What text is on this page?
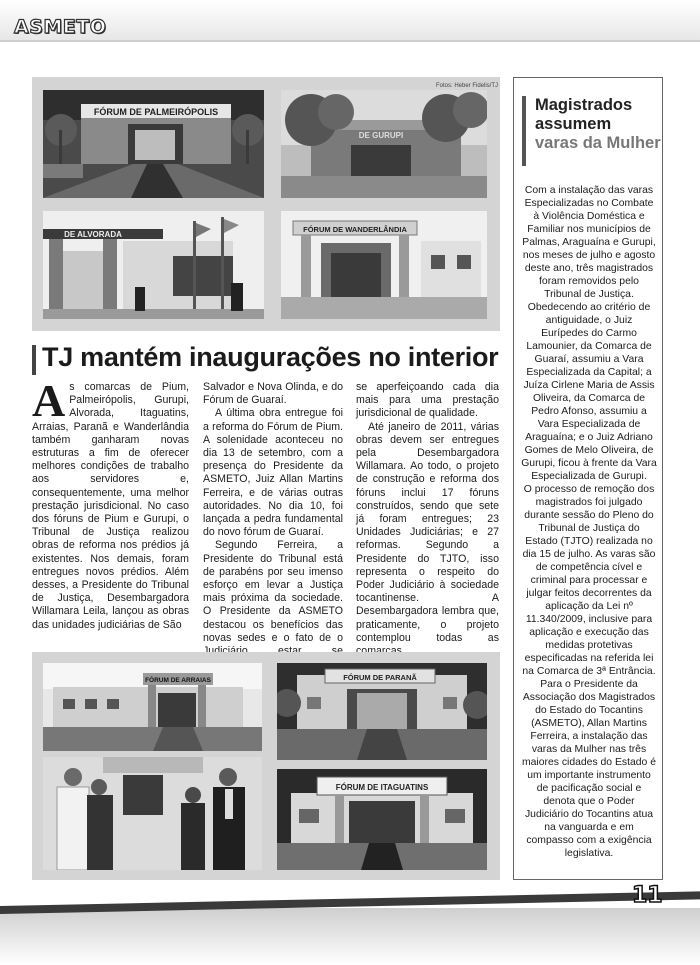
ASMETO
Fotos: Heber Fidelis/TJ
FÓRUM DE PALMEIRÓPOLIS
DE GURUPI
DE ALVORADA
FÓRUM DE WANDERLÂNDIA
TJ mantém inaugurações no interior

As comarcas de Pium, Palmeirópolis, Gurupi, Alvorada, Itaguatins, Arraias, Paranã e Wanderlândia também ganharam novas estruturas a fim de oferecer melhores condições de trabalho aos servidores e, consequentemente, uma melhor prestação jurisdicional. No caso dos fóruns de Pium e Gurupi, o Tribunal de Justiça realizou obras de reforma nos prédios já existentes. Nos demais, foram entregues novos prédios. Além desses, a Presidente do Tribunal de Justiça, Desembargadora Willamara Leila, lançou as obras das unidades judiciárias de São

Salvador e Nova Olinda, e do Fórum de Guaraí.

A última obra entregue foi a reforma do Fórum de Pium. A solenidade aconteceu no dia 13 de setembro, com a presença do Presidente da ASMETO, Juiz Allan Martins Ferreira, e de várias outras autoridades. No dia 10, foi lançada a pedra fundamental do novo fórum de Guaraí.

Segundo Ferreira, a Presidente do Tribunal está de parabéns por seu imenso esforço em levar a Justiça mais próxima da sociedade. O Presidente da ASMETO destacou os benefícios das novas sedes e o fato de o

se aperfeiçoando cada dia mais para uma prestação jurisdicional de qualidade.

Até janeiro de 2011, várias obras devem ser entregues pela Desembargadora Willamara. Ao todo, o projeto de construção e reforma dos fóruns inclui 17 fóruns construídos, sendo que sete já foram entregues; 23 Unidades Judiciárias; e 27 reformas. Segundo a Presidente do TJTO, isso representa o respeito do Poder Judiciário à sociedade tocantinense. A Desembargadora lembra que, praticamente, o projeto contemplou todas as

FÓRUM DE ARRAIAS	FÓRUM DE PARANÃ
FÓRUM DE ITAGUATINS
Magistrados
assumem
varas da Mulher

Com a instalação das varas Especializadas no Combate à Violência Doméstica e Familiar nos municípios de Palmas, Araguaína e Gurupi, nos meses de julho e agosto deste ano, três magistrados foram removidos pelo Tribunal de Justiça. Obedecendo ao critério de antiguidade, o Juiz Eurípedes do Carmo Lamounier, da Comarca de Guaraí, assumiu a Vara Especializada da Capital; a Juíza Cirlene Maria de Assis Oliveira, da Comarca de Pedro Afonso, assumiu a Vara Especializada de Araguaína; e o Juiz Adriano Gomes de Melo Oliveira, de Gurupi, ficou à frente da Vara Especializada de Gurupi.

O processo de remoção dos magistrados foi julgado durante sessão do Pleno do Tribunal de Justiça do Estado (TJTO) realizada no dia 15 de julho. As varas são de competência cível e criminal para processar e julgar feitos decorrentes da aplicação da Lei nº 11.340/2009, inclusive para aplicação e execução das medidas protetivas especificadas na referida lei na Comarca de 3ª Entrância.

Para o Presidente da Associação dos Magistrados do Estado do Tocantins (ASMETO), Allan Martins Ferreira, a instalação das varas da Mulher nas três maiores cidades do Estado é um importante instrumento de pacificação social e denota que o Poder Judiciário do Tocantins atua na vanguarda e em compasso com a exigência legislativa.

11
